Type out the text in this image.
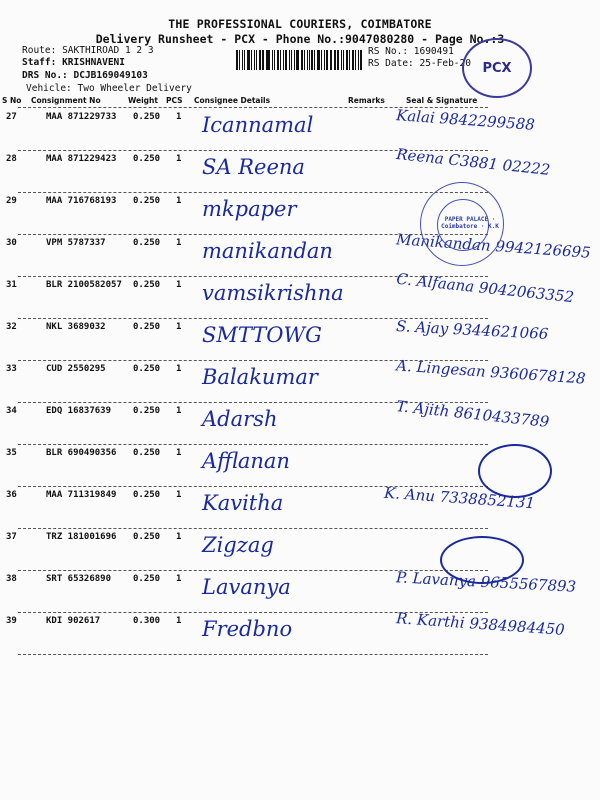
THE PROFESSIONAL COURIERS, COIMBATORE
Delivery Runsheet - PCX - Phone No.:9047080280 - Page No.:3
Route: SAKTHIROAD 1 2 3
Staff: KRISHNAVENI
DRS No.: DCJB169049103
Vehicle: Two Wheeler Delivery
RS No.: 1690491
RS Date: 25-Feb-20 PCX
S No Consignment No	Weight PCS Consignee Details	Remarks	Seal & Signature
27	MAA 871229733 0.250 1 Icannamal	Kalai 9842299588
28	MAA 871229423 0.250 1 SA Reena	Reena C3881 02222
29	MAA 716768193 0.250 1 mkpaper
30	VPM 5787337	0.250 1 manikandan	Manikandan 9942126695
31	BLR 2100582057 0.250 1 vamsikrishna	C. Alfaana 9042063352
32	NKL 3689032	0.250 1 SMTTOWG	S. Ajay 9344621066
33	CUD 2550295	0.250 1 Balakumar	A. Lingesan 9360678128
34	EDQ 16837639 0.250 1 Adarsh	T. Ajith 8610433789
35	BLR 690490356 0.250 1 Afflanan
36	MAA 711319849 0.250 1 Kavitha	K. Anu 7338852131
37	TRZ 181001696 0.250 1 Zigzag
38	SRT 65326890 0.250 1 Lavanya	P. Lavanya 9655567893
39	KDI 902617	0.300 1 Fredbno	R. Karthi 9384984450
PAPER PALACE · Coimbatore · K.K
